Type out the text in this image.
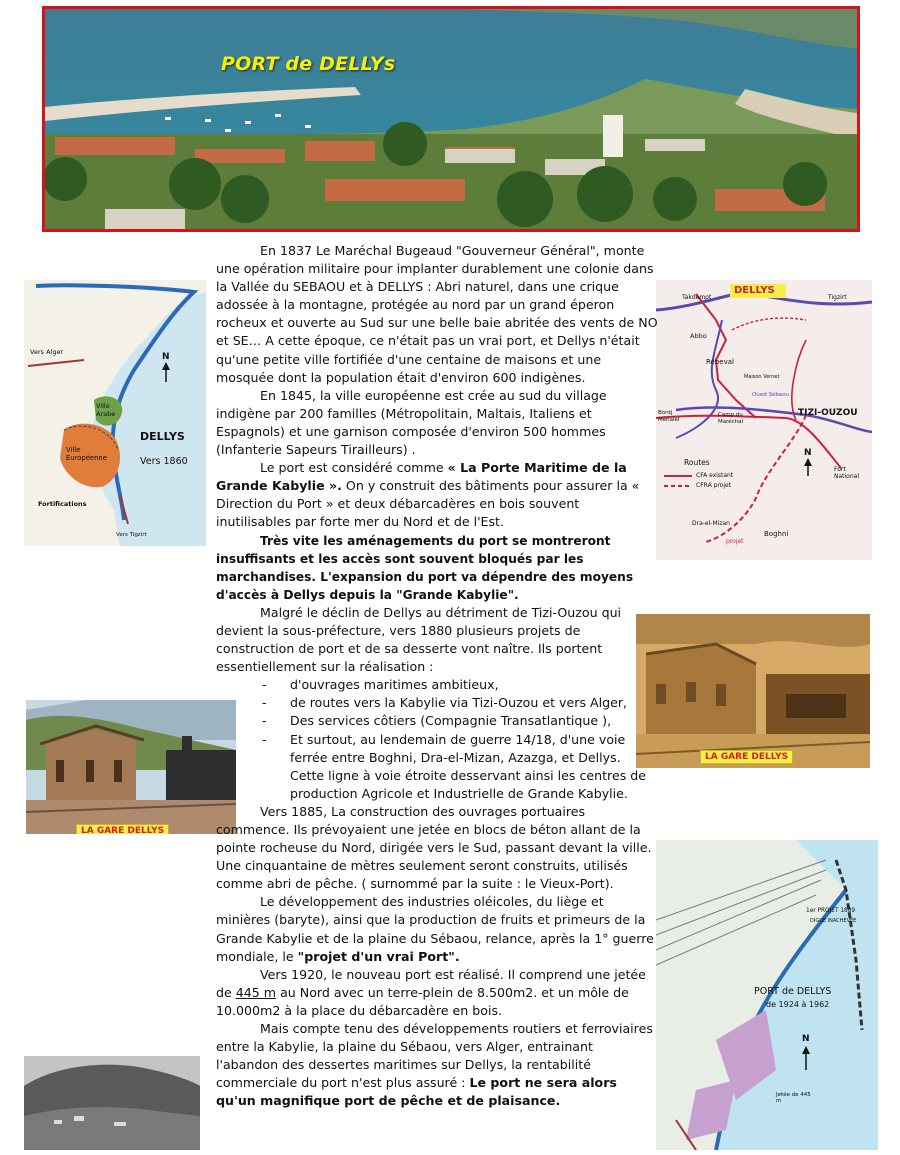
PORT de DELLYs
DELLYS
Vers 1860
Vers Alger
Ville Arabe
Ville Européenne
Fortifications
Vers Tigzirt
N
DELLYS
Takdempt	Tigzirt
Abbo
Rébeval
Maison Vernet
Oued Sébaou
Bordj Ménaïel
Camp du Maréchal
TIZI-OUZOU
Fort National
Dra-el-Mizan
Boghni
Routes
CFA existant
CFRA projet
N
projet
LA GARE DELLYS
LA GARE DELLYS
PORT de DELLYS
de 1924 à 1962
1er PROJET 1889
DIGUE INACHEVÉE
Jetée de 445 m
N

En 1837 Le Maréchal Bugeaud "Gouverneur Général", monte une opération militaire pour implanter durablement une colonie dans la Vallée du SEBAOU et à DELLYS : Abri naturel, dans une crique adossée à la montagne, protégée au nord par un grand éperon rocheux et ouverte au Sud sur une belle baie abritée des vents de NO et SE… A cette époque, ce n'était pas un vrai port, et Dellys n'était qu'une petite ville fortifiée d'une centaine de maisons et une mosquée dont la population était d'environ 600 indigènes.

En 1845, la ville européenne est crée au sud du village indigène par 200 familles (Métropolitain, Maltais, Italiens et Espagnols) et une garnison composée d'environ 500 hommes (Infanterie Sapeurs Tirailleurs) .

Le port est considéré comme « La Porte Maritime de la Grande Kabylie ». On y construit des bâtiments pour assurer la « Direction du Port » et deux débarcadères en bois souvent inutilisables par forte mer du Nord et de l'Est.

Très vite les aménagements du port se montreront insuffisants et les accès sont souvent bloqués par les marchandises. L'expansion du port va dépendre des moyens d'accès à Dellys depuis la "Grande Kabylie".

Malgré le déclin de Dellys au détriment de Tizi-Ouzou qui devient la sous-préfecture, vers 1880 plusieurs projets de construction de port et de sa desserte vont naître. Ils portent essentiellement sur la réalisation :

- d'ouvrages maritimes ambitieux,
- de routes vers la Kabylie via Tizi-Ouzou et vers Alger,
- Des services côtiers (Compagnie Transatlantique ),
- Et surtout, au lendemain de guerre 14/18, d'une voie ferrée entre Boghni, Dra-el-Mizan, Azazga, et Dellys. Cette ligne à voie étroite desservant ainsi les centres de production Agricole et Industrielle de Grande Kabylie.

Vers 1885, La construction des ouvrages portuaires commence. Ils prévoyaient une jetée en blocs de béton allant de la pointe rocheuse du Nord, dirigée vers le Sud, passant devant la ville. Une cinquantaine de mètres seulement seront construits, utilisés comme abri de pêche. ( surnommé par la suite : le Vieux-Port).

Le développement des industries oléicoles, du liège et minières (baryte), ainsi que la production de fruits et primeurs de la Grande Kabylie et de la plaine du Sébaou, relance, après la 1° guerre mondiale, le "projet d'un vrai Port".

Vers 1920, le nouveau port est réalisé. Il comprend une jetée de 445 m au Nord avec un terre-plein de 8.500m2. et un môle de 10.000m2 à la place du débarcadère en bois.

Mais compte tenu des développements routiers et ferroviaires entre la Kabylie, la plaine du Sébaou, vers Alger, entrainant l'abandon des dessertes maritimes sur Dellys, la rentabilité commerciale du port n'est plus assuré : Le port ne sera alors qu'un magnifique port de pêche et de plaisance.
